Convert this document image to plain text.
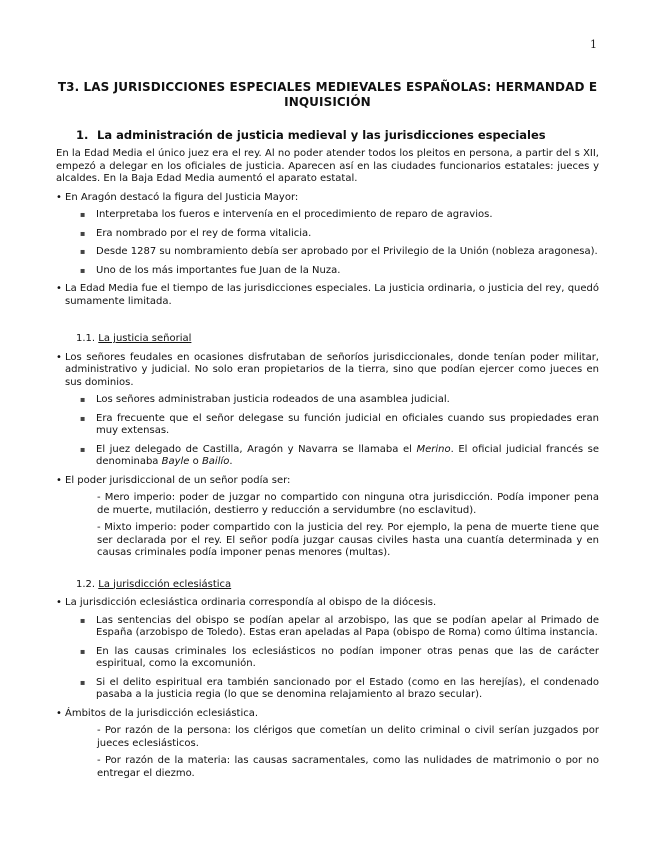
1
T3. LAS JURISDICCIONES ESPECIALES MEDIEVALES ESPAÑOLAS: HERMANDAD E INQUISICIÓN
1. La administración de justicia medieval y las jurisdicciones especiales

En la Edad Media el único juez era el rey. Al no poder atender todos los pleitos en persona, a partir del s XII, empezó a delegar en los oficiales de justicia. Aparecen así en las ciudades funcionarios estatales: jueces y alcaldes. En la Baja Edad Media aumentó el aparato estatal.

• En Aragón destacó la figura del Justicia Mayor:

▪	Interpretaba los fueros e intervenía en el procedimiento de reparo de agravios.

▪	Era nombrado por el rey de forma vitalicia.

▪	Desde 1287 su nombramiento debía ser aprobado por el Privilegio de la Unión (nobleza aragonesa).

▪	Uno de los más importantes fue Juan de la Nuza.

• La Edad Media fue el tiempo de las jurisdicciones especiales. La justicia ordinaria, o justicia del rey, quedó sumamente limitada.

1.1. La justicia señorial
• Los señores feudales en ocasiones disfrutaban de señoríos jurisdiccionales, donde tenían poder militar, administrativo y judicial. No solo eran propietarios de la tierra, sino que podían ejercer como jueces en sus dominios.

▪	Los señores administraban justicia rodeados de una asamblea judicial.

▪	Era frecuente que el señor delegase su función judicial en oficiales cuando sus propiedades eran muy extensas.

▪	El juez delegado de Castilla, Aragón y Navarra se llamaba el Merino. El oficial judicial francés se denominaba Bayle o Bailío.

• El poder jurisdiccional de un señor podía ser:

- Mero imperio: poder de juzgar no compartido con ninguna otra jurisdicción. Podía imponer pena de muerte, mutilación, destierro y reducción a servidumbre (no esclavitud).

- Mixto imperio: poder compartido con la justicia del rey. Por ejemplo, la pena de muerte tiene que ser declarada por el rey. El señor podía juzgar causas civiles hasta una cuantía determinada y en causas criminales podía imponer penas menores (multas).

1.2. La jurisdicción eclesiástica
• La jurisdicción eclesiástica ordinaria correspondía al obispo de la diócesis.

▪	Las sentencias del obispo se podían apelar al arzobispo, las que se podían apelar al Primado de España (arzobispo de Toledo). Estas eran apeladas al Papa (obispo de Roma) como última instancia.

▪	En las causas criminales los eclesiásticos no podían imponer otras penas que las de carácter espiritual, como la excomunión.

▪	Si el delito espiritual era también sancionado por el Estado (como en las herejías), el condenado pasaba a la justicia regia (lo que se denomina relajamiento al brazo secular).

• Ámbitos de la jurisdicción eclesiástica.

- Por razón de la persona: los clérigos que cometían un delito criminal o civil serían juzgados por jueces eclesiásticos.

- Por razón de la materia: las causas sacramentales, como las nulidades de matrimonio o por no entregar el diezmo.
